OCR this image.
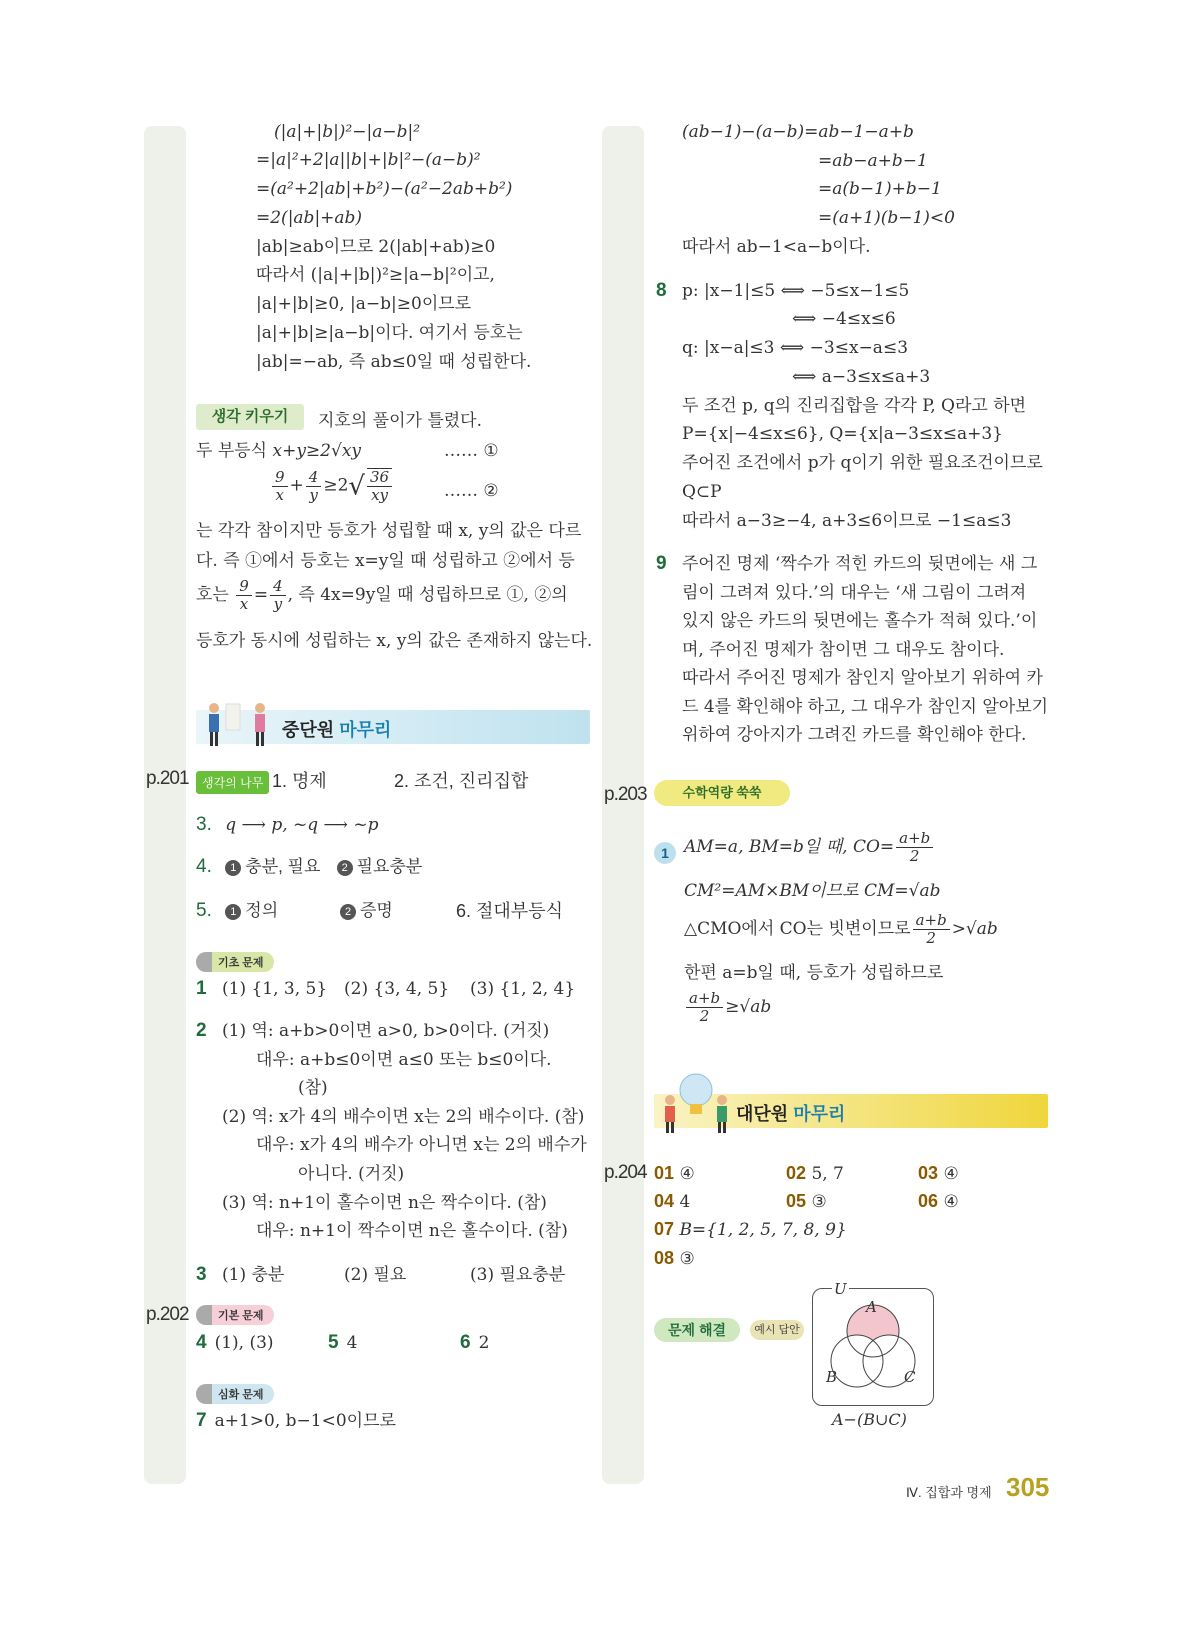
(|a|+|b|)²−|a−b|²
=|a|²+2|a||b|+|b|²−(a−b)²
=(a²+2|ab|+b²)−(a²−2ab+b²)
=2(|ab|+ab)
|ab|≥ab이므로 2(|ab|+ab)≥0
따라서 (|a|+|b|)²≥|a−b|²이고,
|a|+|b|≥0, |a−b|≥0이므로
|a|+|b|≥|a−b|이다. 여기서 등호는
|ab|=−ab, 즉 ab≤0일 때 성립한다.
생각 키우기	지호의 풀이가 틀렸다.
두 부등식 x+y≥2√xy	…… ①
$\frac{9}{x} + \frac{4}{y} \ge 2√ \frac{36}{xy}$	…… ②
는 각각 참이지만 등호가 성립할 때 x, y의 값은 다르
다. 즉 ①에서 등호는 x=y일 때 성립하고 ②에서 등
호는 $\frac{9}{x} = \frac{4}{y}$ , 즉 4x=9y일 때 성립하므로 ①, ②의
등호가 동시에 성립하는 x, y의 값은 존재하지 않는다.
중단원 마무리
p.201	생각의 나무 1. 명제	2. 조건, 진리집합
3. q ⟶ p, ~q ⟶ ~p
4. 1 충분, 필요 2 필요충분
5. 1 정의	2 증명	6. 절대부등식
기초 문제
1 (1) {1, 3, 5} (2) {3, 4, 5} (3) {1, 2, 4}
2 (1) 역: a+b>0이면 a>0, b>0이다. (거짓)
대우: a+b≤0이면 a≤0 또는 b≤0이다.
(참)
(2) 역: x가 4의 배수이면 x는 2의 배수이다. (참)
대우: x가 4의 배수가 아니면 x는 2의 배수가
아니다. (거짓)
(3) 역: n+1이 홀수이면 n은 짝수이다. (참)
대우: n+1이 짝수이면 n은 홀수이다. (참)
3 (1) 충분	(2) 필요	(3) 필요충분
p.202	기본 문제
4 (1), (3)	5 4	6 2
심화 문제
7 a+1>0, b−1<0이므로
(ab−1)−(a−b)=ab−1−a+b
=ab−a+b−1
=a(b−1)+b−1
=(a+1)(b−1)<0
따라서 ab−1<a−b이다.
8 p: |x−1|≤5 ⟺ −5≤x−1≤5
⟺ −4≤x≤6
q: |x−a|≤3 ⟺ −3≤x−a≤3
⟺ a−3≤x≤a+3
두 조건 p, q의 진리집합을 각각 P, Q라고 하면
P={x|−4≤x≤6}, Q={x|a−3≤x≤a+3}
주어진 조건에서 p가 q이기 위한 필요조건이므로
Q⊂P
따라서 a−3≥−4, a+3≤6이므로 −1≤a≤3
9 주어진 명제 ‘짝수가 적힌 카드의 뒷면에는 새 그
림이 그려져 있다.’의 대우는 ‘새 그림이 그려져
있지 않은 카드의 뒷면에는 홀수가 적혀 있다.’이
며, 주어진 명제가 참이면 그 대우도 참이다.
따라서 주어진 명제가 참인지 알아보기 위하여 카
드 4를 확인해야 하고, 그 대우가 참인지 알아보기
위하여 강아지가 그려진 카드를 확인해야 한다.
p.203	수학역량 쑥쑥
1 AM=a, BM=b일 때, $CO= \frac{a+b}{2}$
CM²=AM×BM이므로 CM=√ab
△CMO에서 CO는 빗변이므로 $\frac{a+b}{2} >√ab$
한편 a=b일 때, 등호가 성립하므로
$\frac{a+b}{2} \ge√ab$
대단원 마무리
p.204 01 ④	02 5, 7	03 ④
04 4	05 ③	06 ④
07 B={1, 2, 5, 7, 8, 9}
08 ③
문제 해결	예시 답안
U
A
B	C
A−(B∪C)
Ⅳ. 집합과 명제 305
